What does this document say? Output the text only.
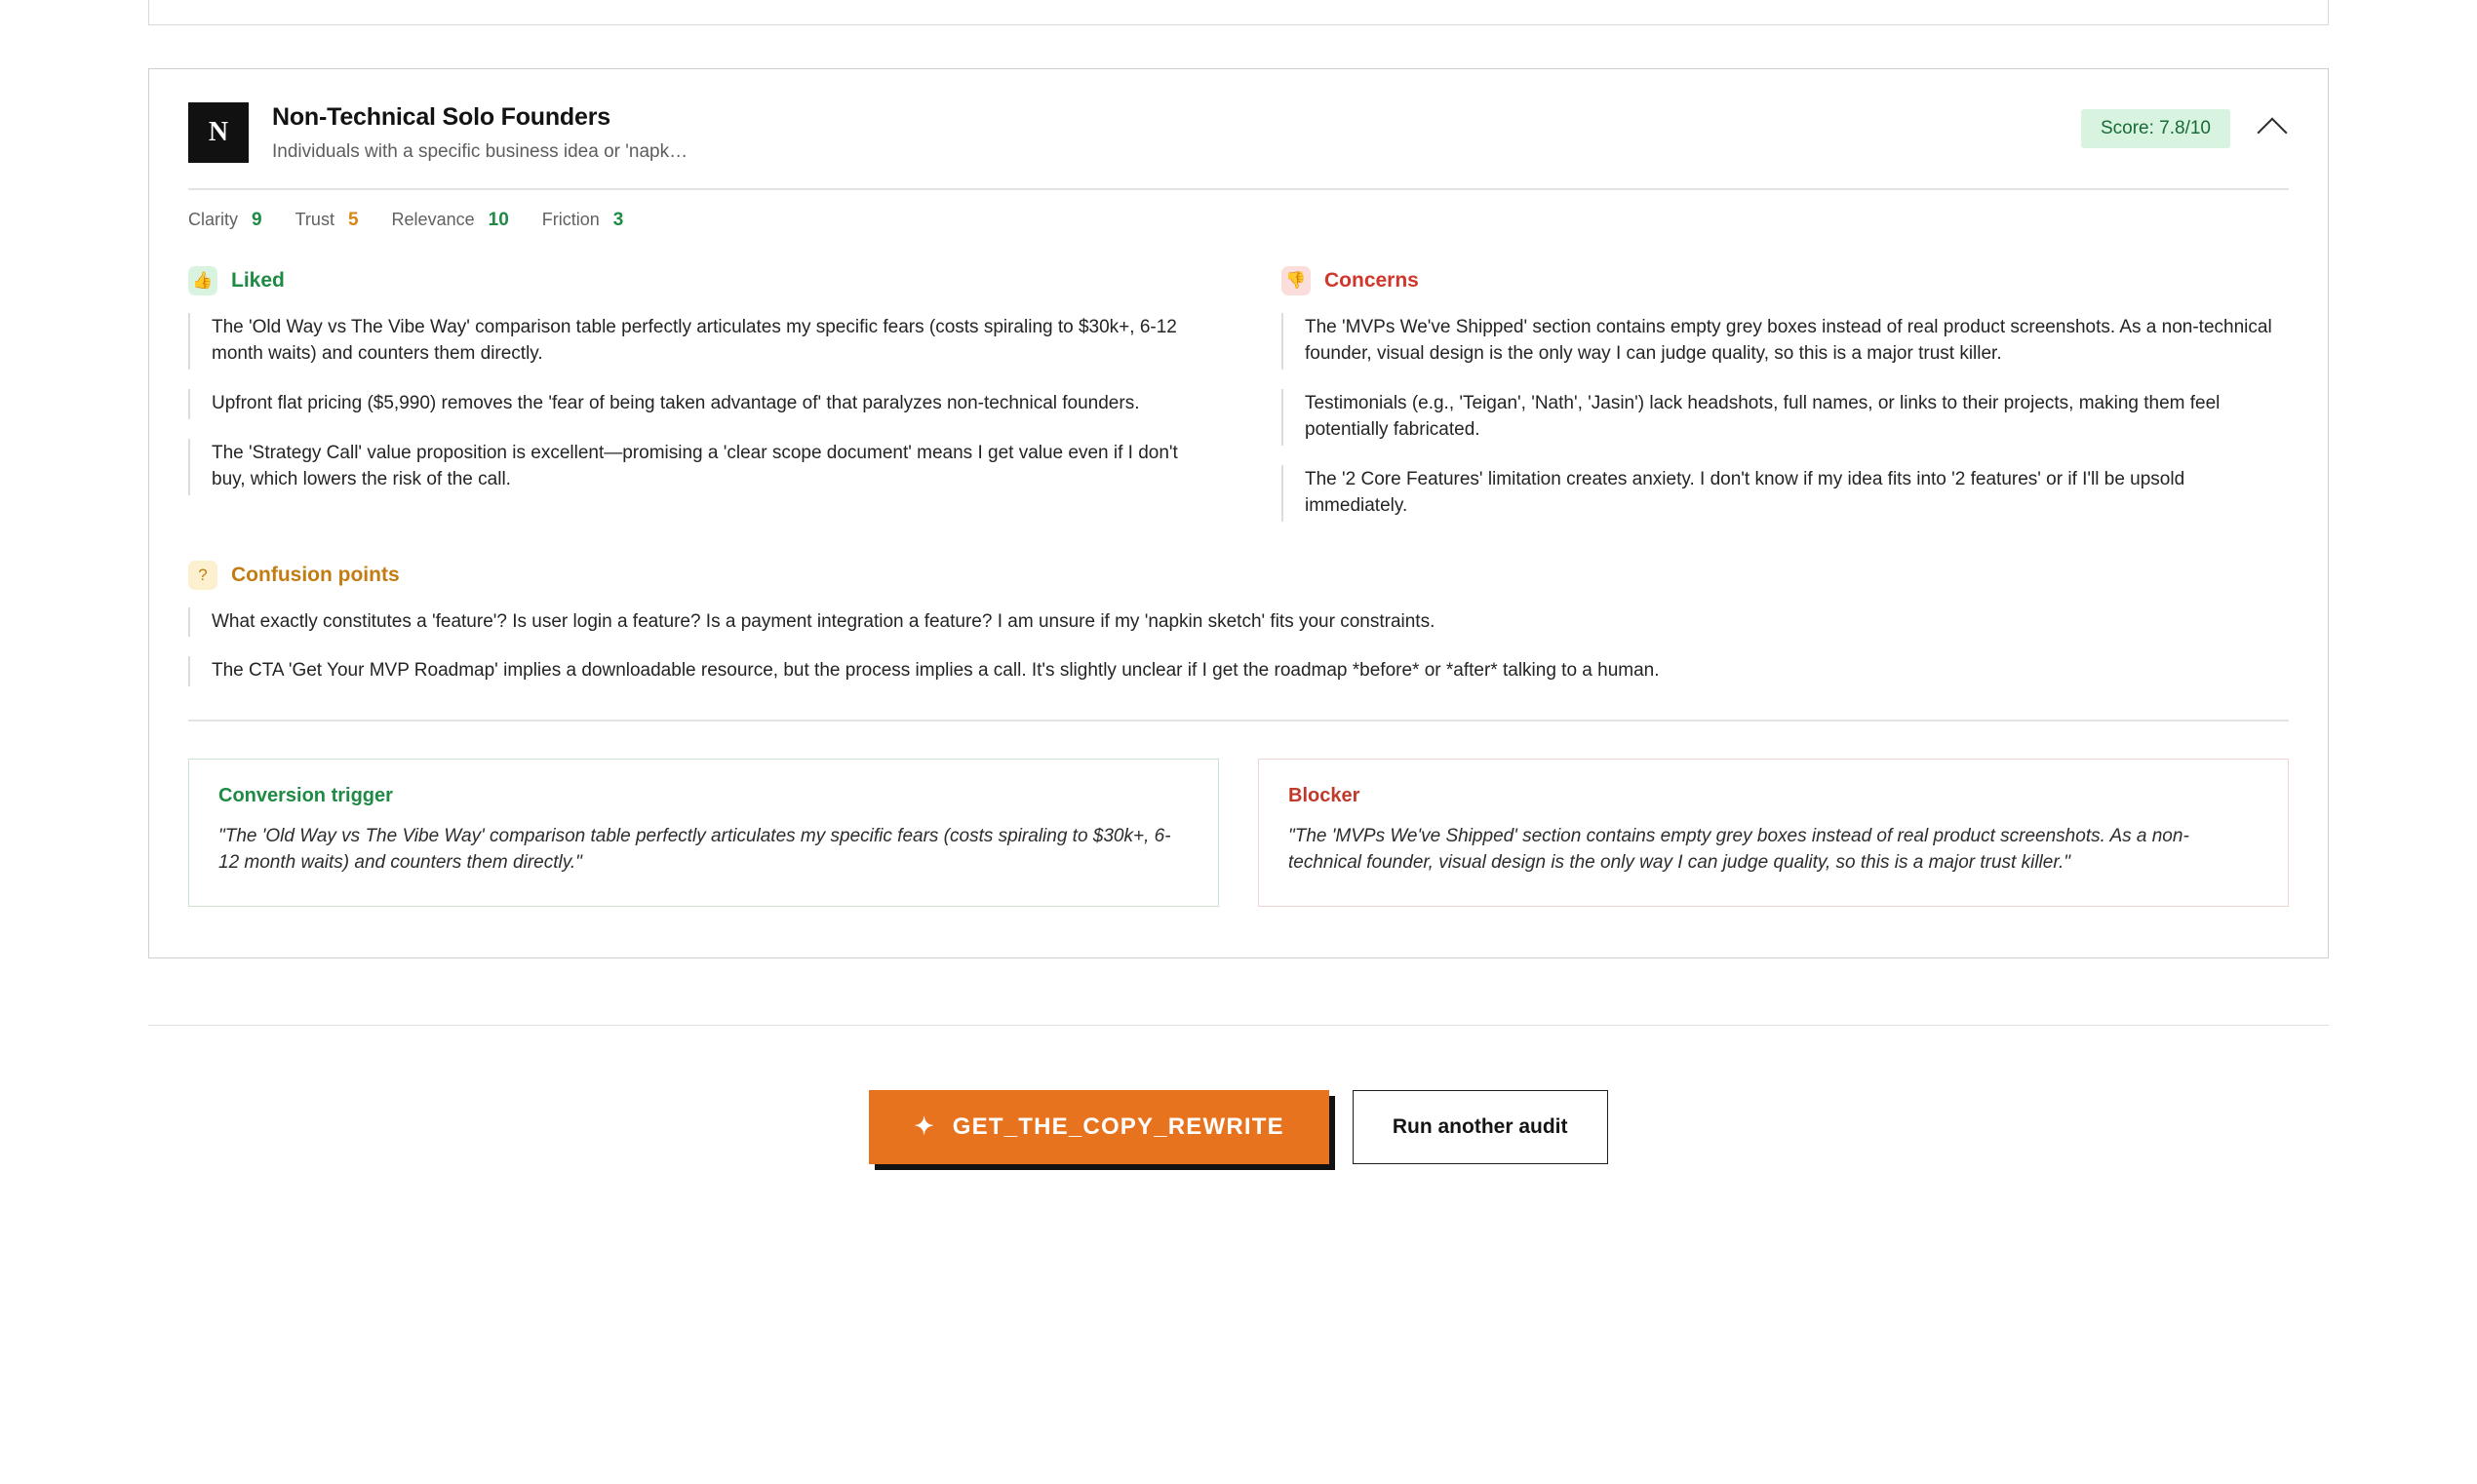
N	Non-Technical Solo Founders
Individuals with a specific business idea or 'napk…
Score: 7.8/10
Clarity 9 Trust 5 Relevance 10 Friction 3
👍 Liked
The 'Old Way vs The Vibe Way' comparison table perfectly articulates my specific fears (costs spiraling to $30k+, 6-12 month waits) and counters them directly.
Upfront flat pricing ($5,990) removes the 'fear of being taken advantage of' that paralyzes non-technical founders.
The 'Strategy Call' value proposition is excellent—promising a 'clear scope document' means I get value even if I don't buy, which lowers the risk of the call.
👎 Concerns
The 'MVPs We've Shipped' section contains empty grey boxes instead of real product screenshots. As a non-technical founder, visual design is the only way I can judge quality, so this is a major trust killer.
Testimonials (e.g., 'Teigan', 'Nath', 'Jasin') lack headshots, full names, or links to their projects, making them feel potentially fabricated.
The '2 Core Features' limitation creates anxiety. I don't know if my idea fits into '2 features' or if I'll be upsold immediately.
?	Confusion points
What exactly constitutes a 'feature'? Is user login a feature? Is a payment integration a feature? I am unsure if my 'napkin sketch' fits your constraints.
The CTA 'Get Your MVP Roadmap' implies a downloadable resource, but the process implies a call. It's slightly unclear if I get the roadmap *before* or *after* talking to a human.
Conversion trigger
"The 'Old Way vs The Vibe Way' comparison table perfectly articulates my specific fears (costs spiraling to $30k+, 6-12 month waits) and counters them directly."
Blocker
"The 'MVPs We've Shipped' section contains empty grey boxes instead of real product screenshots. As a non-technical founder, visual design is the only way I can judge quality, so this is a major trust killer."
✦ GET_THE_COPY_REWRITE	Run another audit
